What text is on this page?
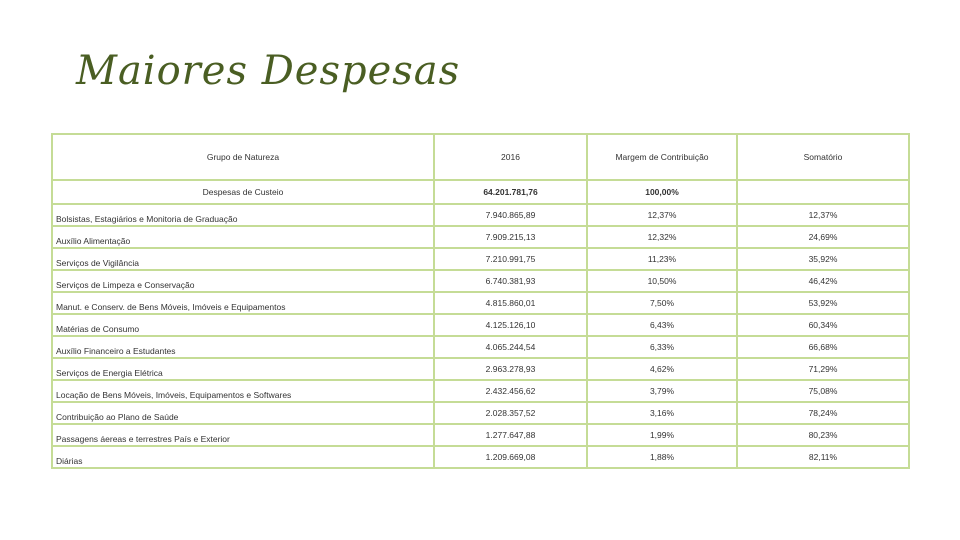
Maiores Despesas
Grupo de Natureza	2016	Margem de Contribuição	Somatório
Despesas de Custeio	64.201.781,76	100,00%	
Bolsistas, Estagiários e Monitoria de Graduação	7.940.865,89	12,37%	12,37%
Auxílio Alimentação	7.909.215,13	12,32%	24,69%
Serviços de Vigilância	7.210.991,75	11,23%	35,92%
Serviços de Limpeza e Conservação	6.740.381,93	10,50%	46,42%
Manut. e Conserv. de Bens Móveis, Imóveis e Equipamentos	4.815.860,01	7,50%	53,92%
Matérias de Consumo	4.125.126,10	6,43%	60,34%
Auxílio Financeiro a Estudantes	4.065.244,54	6,33%	66,68%
Serviços de Energia Elétrica	2.963.278,93	4,62%	71,29%
Locação de Bens Móveis, Imóveis, Equipamentos e Softwares	2.432.456,62	3,79%	75,08%
Contribuição ao Plano de Saúde	2.028.357,52	3,16%	78,24%
Passagens áereas e terrestres País e Exterior	1.277.647,88	1,99%	80,23%
Diárias	1.209.669,08	1,88%	82,11%
